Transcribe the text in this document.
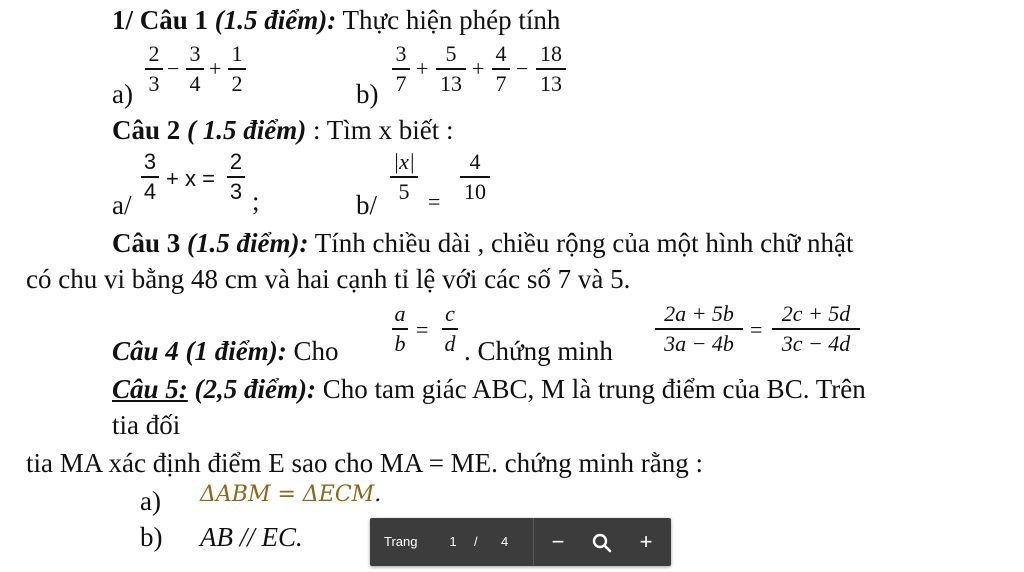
1/ Câu 1 (1.5 điểm): Thực hiện phép tính
a)
2
3
−
3
4
+
1
2	b)
3
7
+
5
13
+
4
7
−
18
13
Câu 2 ( 1.5 điểm) : Tìm x biết :
a/
3
4 + x =
2
3 ;	b/
|x|
5 =
4
10
Câu 3 (1.5 điểm): Tính chiều dài , chiều rộng của một hình chữ nhật
có chu vi bằng 48 cm và hai cạnh tỉ lệ với các số 7 và 5.
Câu 4 (1 điểm): Cho
a
b
=
c
d . Chứng minh
2a + 5b
3a − 4b
=
2c + 5d
3c − 4d
Câu 5: (2,5 điểm): Cho tam giác ABC, M là trung điểm của BC. Trên
tia đối
tia MA xác định điểm E sao cho MA = ME. chứng minh rằng :
a) ΔABM = ΔECM.
b) AB // EC.	Trang 1 / 4	−	+
